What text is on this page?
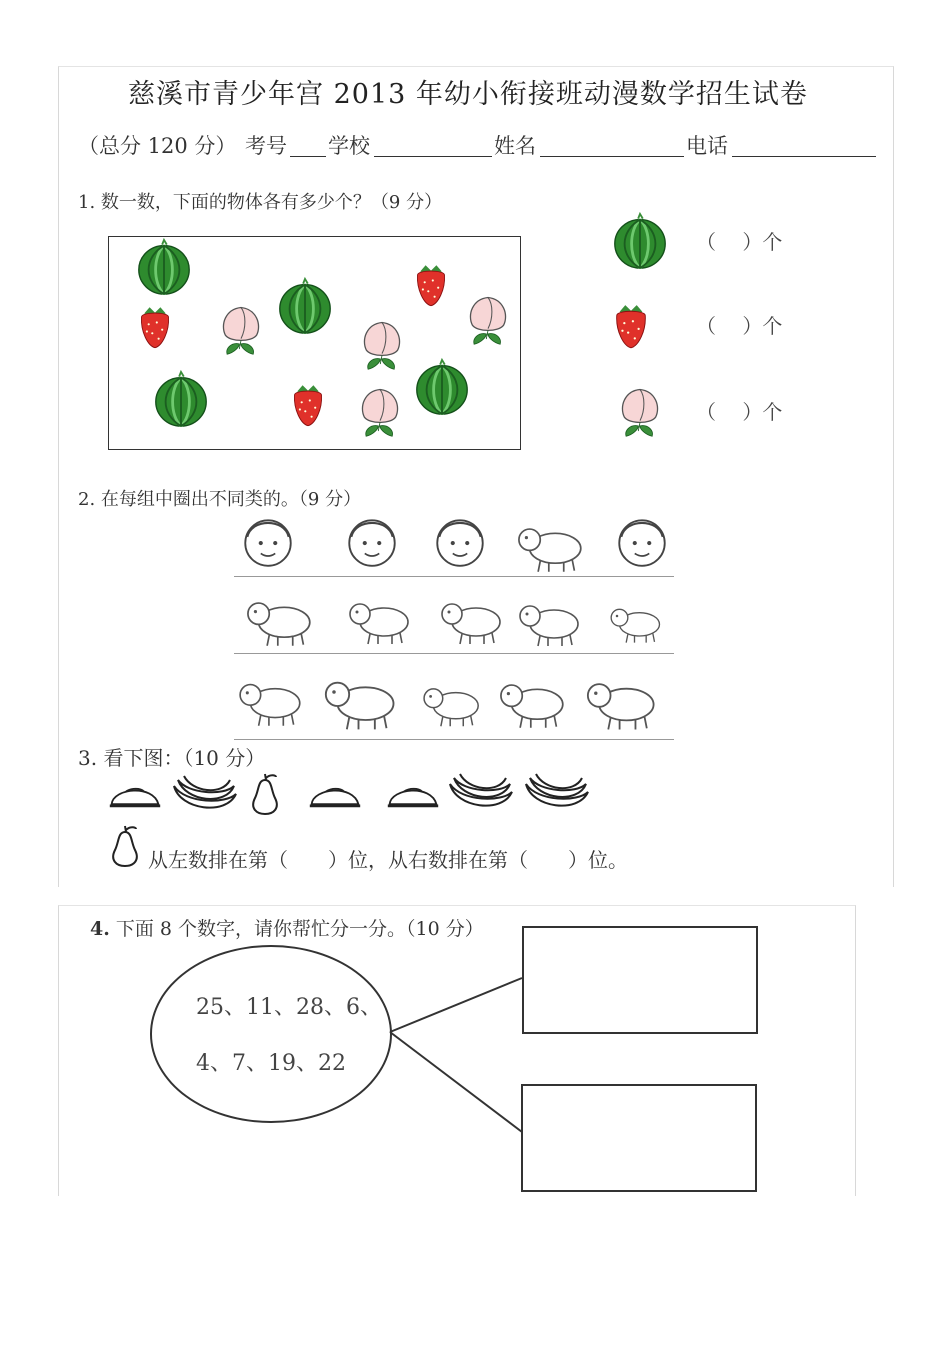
慈溪市青少年宫 2013 年幼小衔接班动漫数学招生试卷
（总分 120 分） 考号 学校	姓名	电话
1. 数一数，下面的物体各有多少个？（9 分）
（　 ）个
（　 ）个
（　 ）个
2. 在每组中圈出不同类的。（9 分）
3. 看下图：（10 分）
从左数排在第（　　）位，从右数排在第（　　）位。
4. 下面 8 个数字，请你帮忙分一分。（10 分）
25、11、28、6、
4、7、19、22
